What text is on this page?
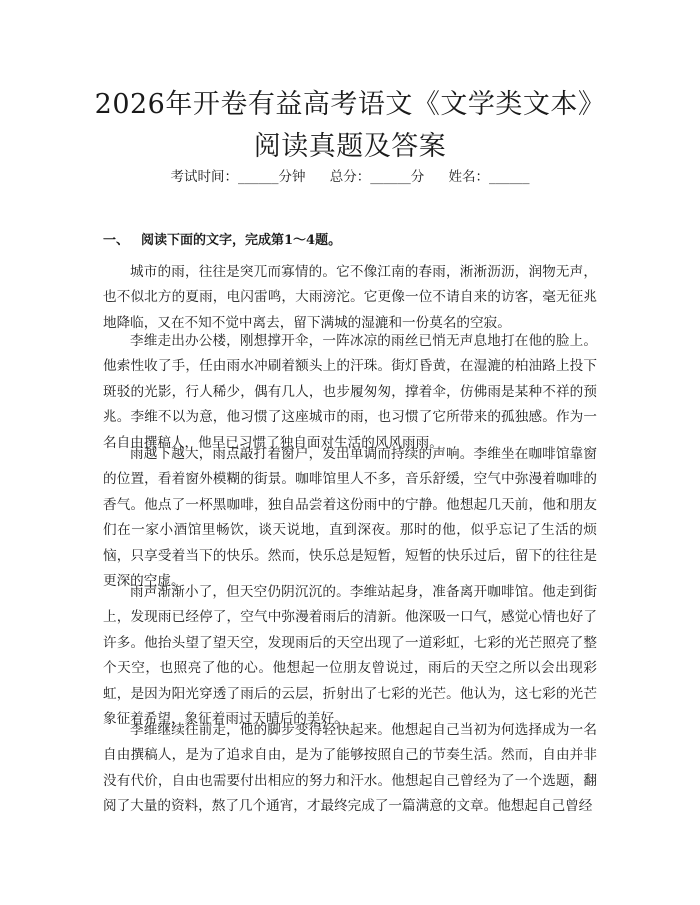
2026年开卷有益高考语文《文学类文本》阅读真题及答案
考试时间：______分钟 总分：______分 姓名：______
一、 阅读下面的文字，完成第1～4题。

城市的雨，往往是突兀而寡情的。它不像江南的春雨，淅淅沥沥，润物无声，也不似北方的夏雨，电闪雷鸣，大雨滂沱。它更像一位不请自来的访客，毫无征兆地降临，又在不知不觉中离去，留下满城的湿漉和一份莫名的空寂。

李维走出办公楼，刚想撑开伞，一阵冰凉的雨丝已悄无声息地打在他的脸上。他索性收了手，任由雨水冲刷着额头上的汗珠。街灯昏黄，在湿漉的柏油路上投下斑驳的光影，行人稀少，偶有几人，也步履匆匆，撑着伞，仿佛雨是某种不祥的预兆。李维不以为意，他习惯了这座城市的雨，也习惯了它所带来的孤独感。作为一名自由撰稿人，他早已习惯了独自面对生活的风风雨雨。

雨越下越大，雨点敲打着窗户，发出单调而持续的声响。李维坐在咖啡馆靠窗的位置，看着窗外模糊的街景。咖啡馆里人不多，音乐舒缓，空气中弥漫着咖啡的香气。他点了一杯黑咖啡，独自品尝着这份雨中的宁静。他想起几天前，他和朋友们在一家小酒馆里畅饮，谈天说地，直到深夜。那时的他，似乎忘记了生活的烦恼，只享受着当下的快乐。然而，快乐总是短暂，短暂的快乐过后，留下的往往是更深的空虚。

雨声渐渐小了，但天空仍阴沉沉的。李维站起身，准备离开咖啡馆。他走到街上，发现雨已经停了，空气中弥漫着雨后的清新。他深吸一口气，感觉心情也好了许多。他抬头望了望天空，发现雨后的天空出现了一道彩虹，七彩的光芒照亮了整个天空，也照亮了他的心。他想起一位朋友曾说过，雨后的天空之所以会出现彩虹，是因为阳光穿透了雨后的云层，折射出了七彩的光芒。他认为，这七彩的光芒象征着希望，象征着雨过天晴后的美好。

李维继续往前走，他的脚步变得轻快起来。他想起自己当初为何选择成为一名自由撰稿人，是为了追求自由，是为了能够按照自己的节奏生活。然而，自由并非没有代价，自由也需要付出相应的努力和汗水。他想起自己曾经为了一个选题，翻阅了大量的资料，熬了几个通宵，才最终完成了一篇满意的文章。他想起自己曾经
